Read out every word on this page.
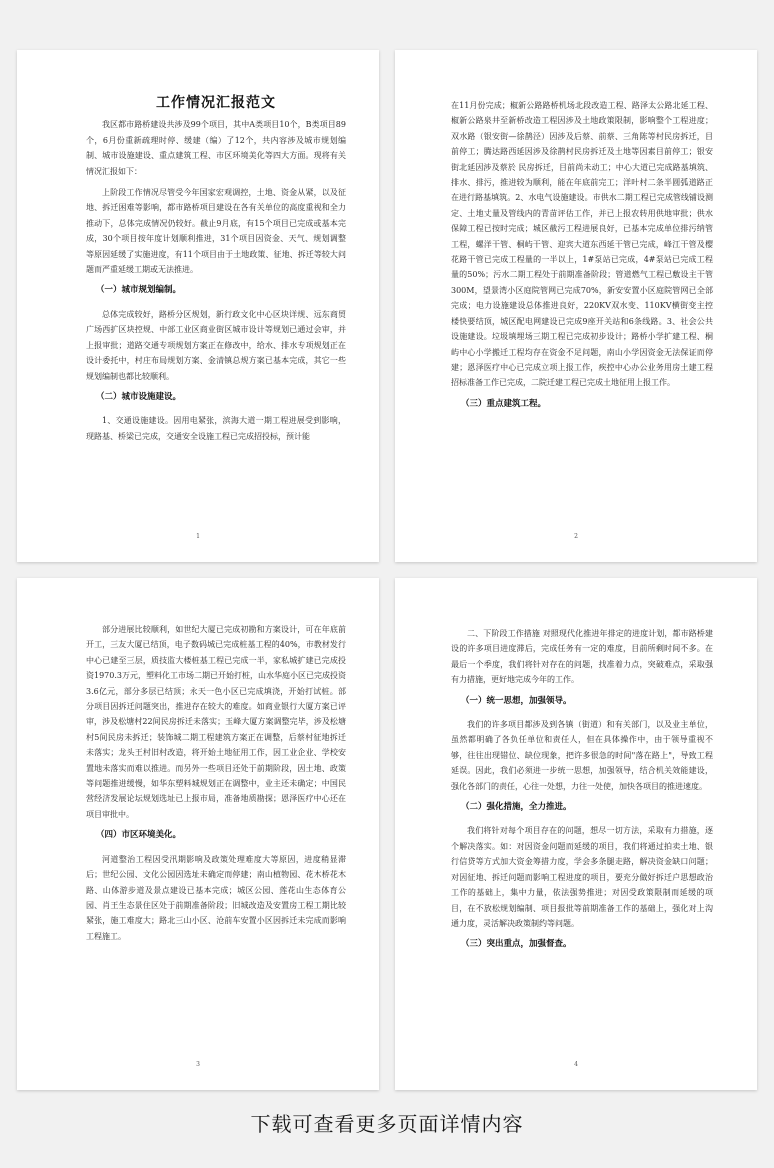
工作情况汇报范文

我区都市路桥建设共涉及99个项目，其中A类项目10个，B类项目89个，6月份重新疏理时停、缓建（编）了12个，共内容涉及城市规划编制、城市设施建设、重点建筑工程、市区环境美化等四大方面。现将有关情况汇报如下：

上阶段工作情况尽管受今年国家宏观调控，土地、资金从紧，以及征地、拆迁困难等影响，都市路桥项目建设在各有关单位的高度重视和全力推动下，总体完成情况仍较好。截止9月底，有15个项目已完成或基本完成，30个项目按年度计划顺利推进，31个项目因资金、天气、规划调整等原因延缓了实施进度，有11个项目由于土地政策、征地、拆迁等较大问题而严重延缓工期或无法推进。

（一）城市规划编制。

总体完成较好，路桥分区规划，新行政文化中心区块详规、远东商贸广场西扩区块控规、中部工业区商业街区城市设计等规划已通过会审，并上报审批；道路交通专项规划方案正在修改中，给水、排水专项规划正在设计委托中，村庄布局规划方案、金清镇总规方案已基本完成，其它一些规划编制也都比较顺利。

（二）城市设施建设。

1、交通设施建设。因用电紧张，滨海大道一期工程进展受到影响，现路基、桥梁已完成，交通安全设施工程已完成招投标，预计能

1

在11月份完成；椒新公路路桥机场北段改造工程、路泽太公路北延工程、椒新公路泉井至新桥改造工程因涉及土地政策限制，影响整个工程进度；双水路（银安街—徐鹊泾）因涉及后蔡、前蔡、三角陈等村民房拆迁，目前停工；腾达路西延因涉及徐鹊村民房拆迁及土地等因素目前停工；银安街北延因涉及蔡於 民房拆迁，目前尚未动工；中心大道已完成路基填筑、排水、排污，推进较为顺利，能在年底前完工；洋叶村二条半圆弧道路正在进行路基填筑。2、水电气设施建设。市供水二期工程已完成管线铺设测定、土地丈量及管线内的青苗评估工作，并已上报农转用供地审批；供水保障工程已按时完成；城区截污工程进展良好，已基本完成单位排污纳管工程，螺洋干管、桐屿干管、迎宾大道东西延干管已完成，峰江干管及樱花路干管已完成工程量的一半以上，1#泵站已完成，4#泵站已完成工程量的50%；污水二期工程处于前期准备阶段；管道燃气工程已敷设主干管300M，望景湾小区庭院管网已完成70%，新安安置小区庭院管网已全部完成；电力设施建设总体推进良好，220KV双水变、110KV横街变主控楼快要结顶，城区配电网建设已完成9座开关站和6条线路。3、社会公共设施建设。垃圾填埋场三期工程已完成初步设计；路桥小学扩建工程、桐屿中心小学搬迁工程均存在资金不足问题，南山小学因资金无法保证而停建；恩泽医疗中心已完成立项上报工作，疾控中心办公业务用房土建工程招标准备工作已完成，二院迁建工程已完成土地征用上报工作。

（三）重点建筑工程。
2

部分进展比较顺利，如世纪大厦已完成初勘和方案设计，可在年底前开工，三友大厦已结顶，电子数码城已完成桩基工程的40%，市教材发行中心已建至三层，质技监大楼桩基工程已完成一半，家私城扩建已完成投资1970.3万元，塑料化工市场二期已开始打桩，山水华庭小区已完成投资3.6亿元，部分多层已结顶；永天一色小区已完成填浇，开始打试桩。部分项目因拆迁问题突出，推进存在较大的难度。如商业银行大厦方案已评审，涉及松塘村22间民房拆迁未落实；玉峰大厦方案调整完毕，涉及松塘村5间民房未拆迁；装饰城二期工程建筑方案正在调整，后蔡村征地拆迁未落实；龙头王村旧村改造，将开始土地征用工作，因工业企业、学校安置地未落实而难以推进。而另外一些项目还处于前期阶段，因土地、政策等问题推进缓慢，如华东塑料城规划正在调整中，业主还未确定；中国民营经济发展论坛规划选址已上报市局，准备地质勘探；恩泽医疗中心还在项目审批中。

（四）市区环境美化。

河道整治工程因受汛期影响及政策处理难度大等原因，进度稍显滞后；世纪公园、文化公园因选址未确定而停建；南山植物园、花木桥花木路、山体游步道及景点建设已基本完成；城区公园、莲花山生态体育公园、肖王生态景住区处于前期准备阶段；旧城改造及安置房工程工期比较紧张，施工难度大；路北三山小区、沧前车安置小区因拆迁未完成而影响工程施工。

3

二、下阶段工作措施 对照现代化推进年排定的进度计划，都市路桥建设的许多项目进度滞后，完成任务有一定的难度，目前所剩时间不多。在最后一个季度，我们将针对存在的问题，找准着力点，突破难点，采取强有力措施，更好地完成今年的工作。

（一）统一思想，加强领导。

我们的许多项目都涉及到各镇（街道）和有关部门，以及业主单位，虽然都明确了各负任单位和责任人，但在具体操作中，由于领导重视不够，往往出现错位、缺位现象，把许多很急的时间"落在路上"，导致工程延误。因此，我们必须进一步统一思想，加强领导，结合机关效能建设，强化各部门的责任，心往一处想，力往一处使，加快各项目的推进速度。

（二）强化措施，全力推进。

我们将针对每个项目存在的问题，想尽一切方法，采取有力措施，逐个解决落实。如：对因资金问题而延缓的项目，我们将通过拍卖土地、银行信贷等方式加大资金筹措力度，学会多条腿走路，解决资金缺口问题；对因征地、拆迁问题而影响工程进度的项目，要充分做好拆迁户思想政治工作的基础上，集中力量，依法强势推进；对因受政策限制而延缓的项目，在不放松规划编制、项目报批等前期准备工作的基础上，强化对上沟通力度，灵活解决政策制约等问题。

（三）突出重点，加强督查。
4
下载可查看更多页面详情内容
